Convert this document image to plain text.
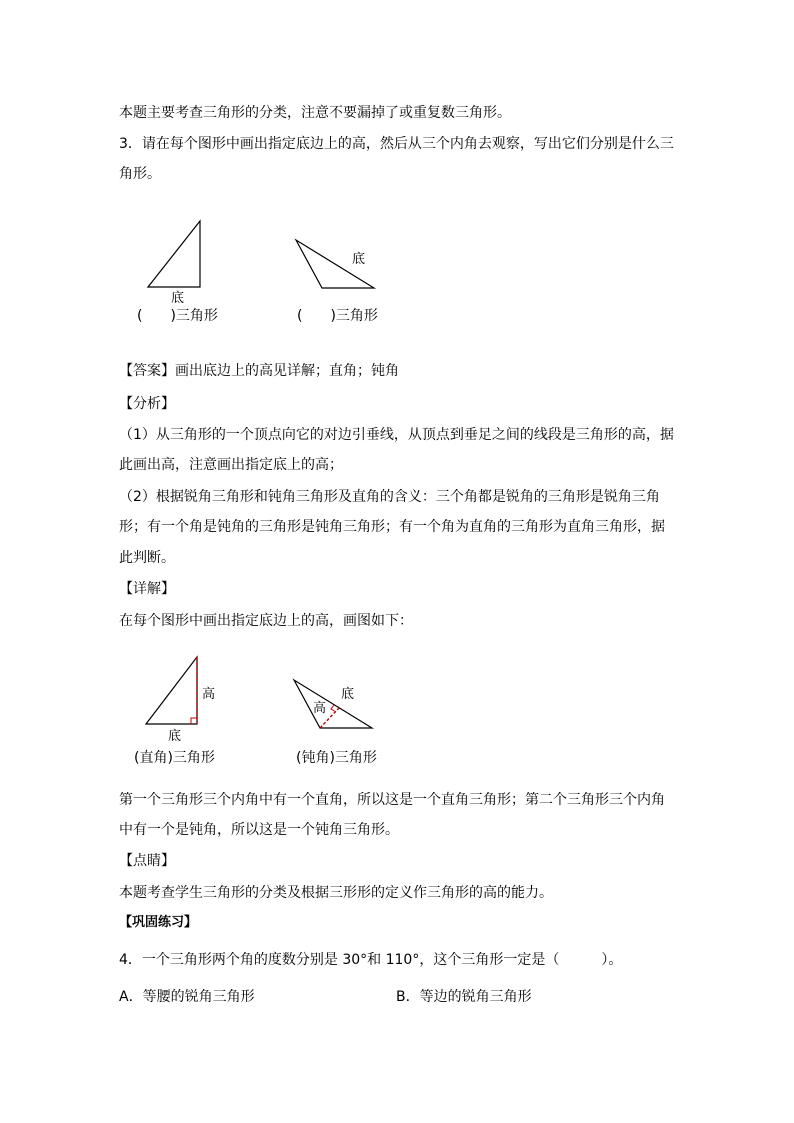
本题主要考查三角形的分类，注意不要漏掉了或重复数三角形。
3．请在每个图形中画出指定底边上的高，然后从三个内角去观察，写出它们分别是什么三
角形。
底
(　　)三角形
底
(　　)三角形
【答案】画出底边上的高见详解；直角；钝角
【分析】
（1）从三角形的一个顶点向它的对边引垂线，从顶点到垂足之间的线段是三角形的高，据
此画出高，注意画出指定底上的高；
（2）根据锐角三角形和钝角三角形及直角的含义：三个角都是锐角的三角形是锐角三角
形；有一个角是钝角的三角形是钝角三角形；有一个角为直角的三角形为直角三角形，据
此判断。
【详解】
在每个图形中画出指定底边上的高，画图如下：
高
底
(直角)三角形
底
高
(钝角)三角形
第一个三角形三个内角中有一个直角，所以这是一个直角三角形；第二个三角形三个内角
中有一个是钝角，所以这是一个钝角三角形。
【点睛】
本题考查学生三角形的分类及根据三形形的定义作三角形的高的能力。
【巩固练习】
4．一个三角形两个角的度数分别是 30°和 110°，这个三角形一定是（　　　）。
A．等腰的锐角三角形	B．等边的锐角三角形
